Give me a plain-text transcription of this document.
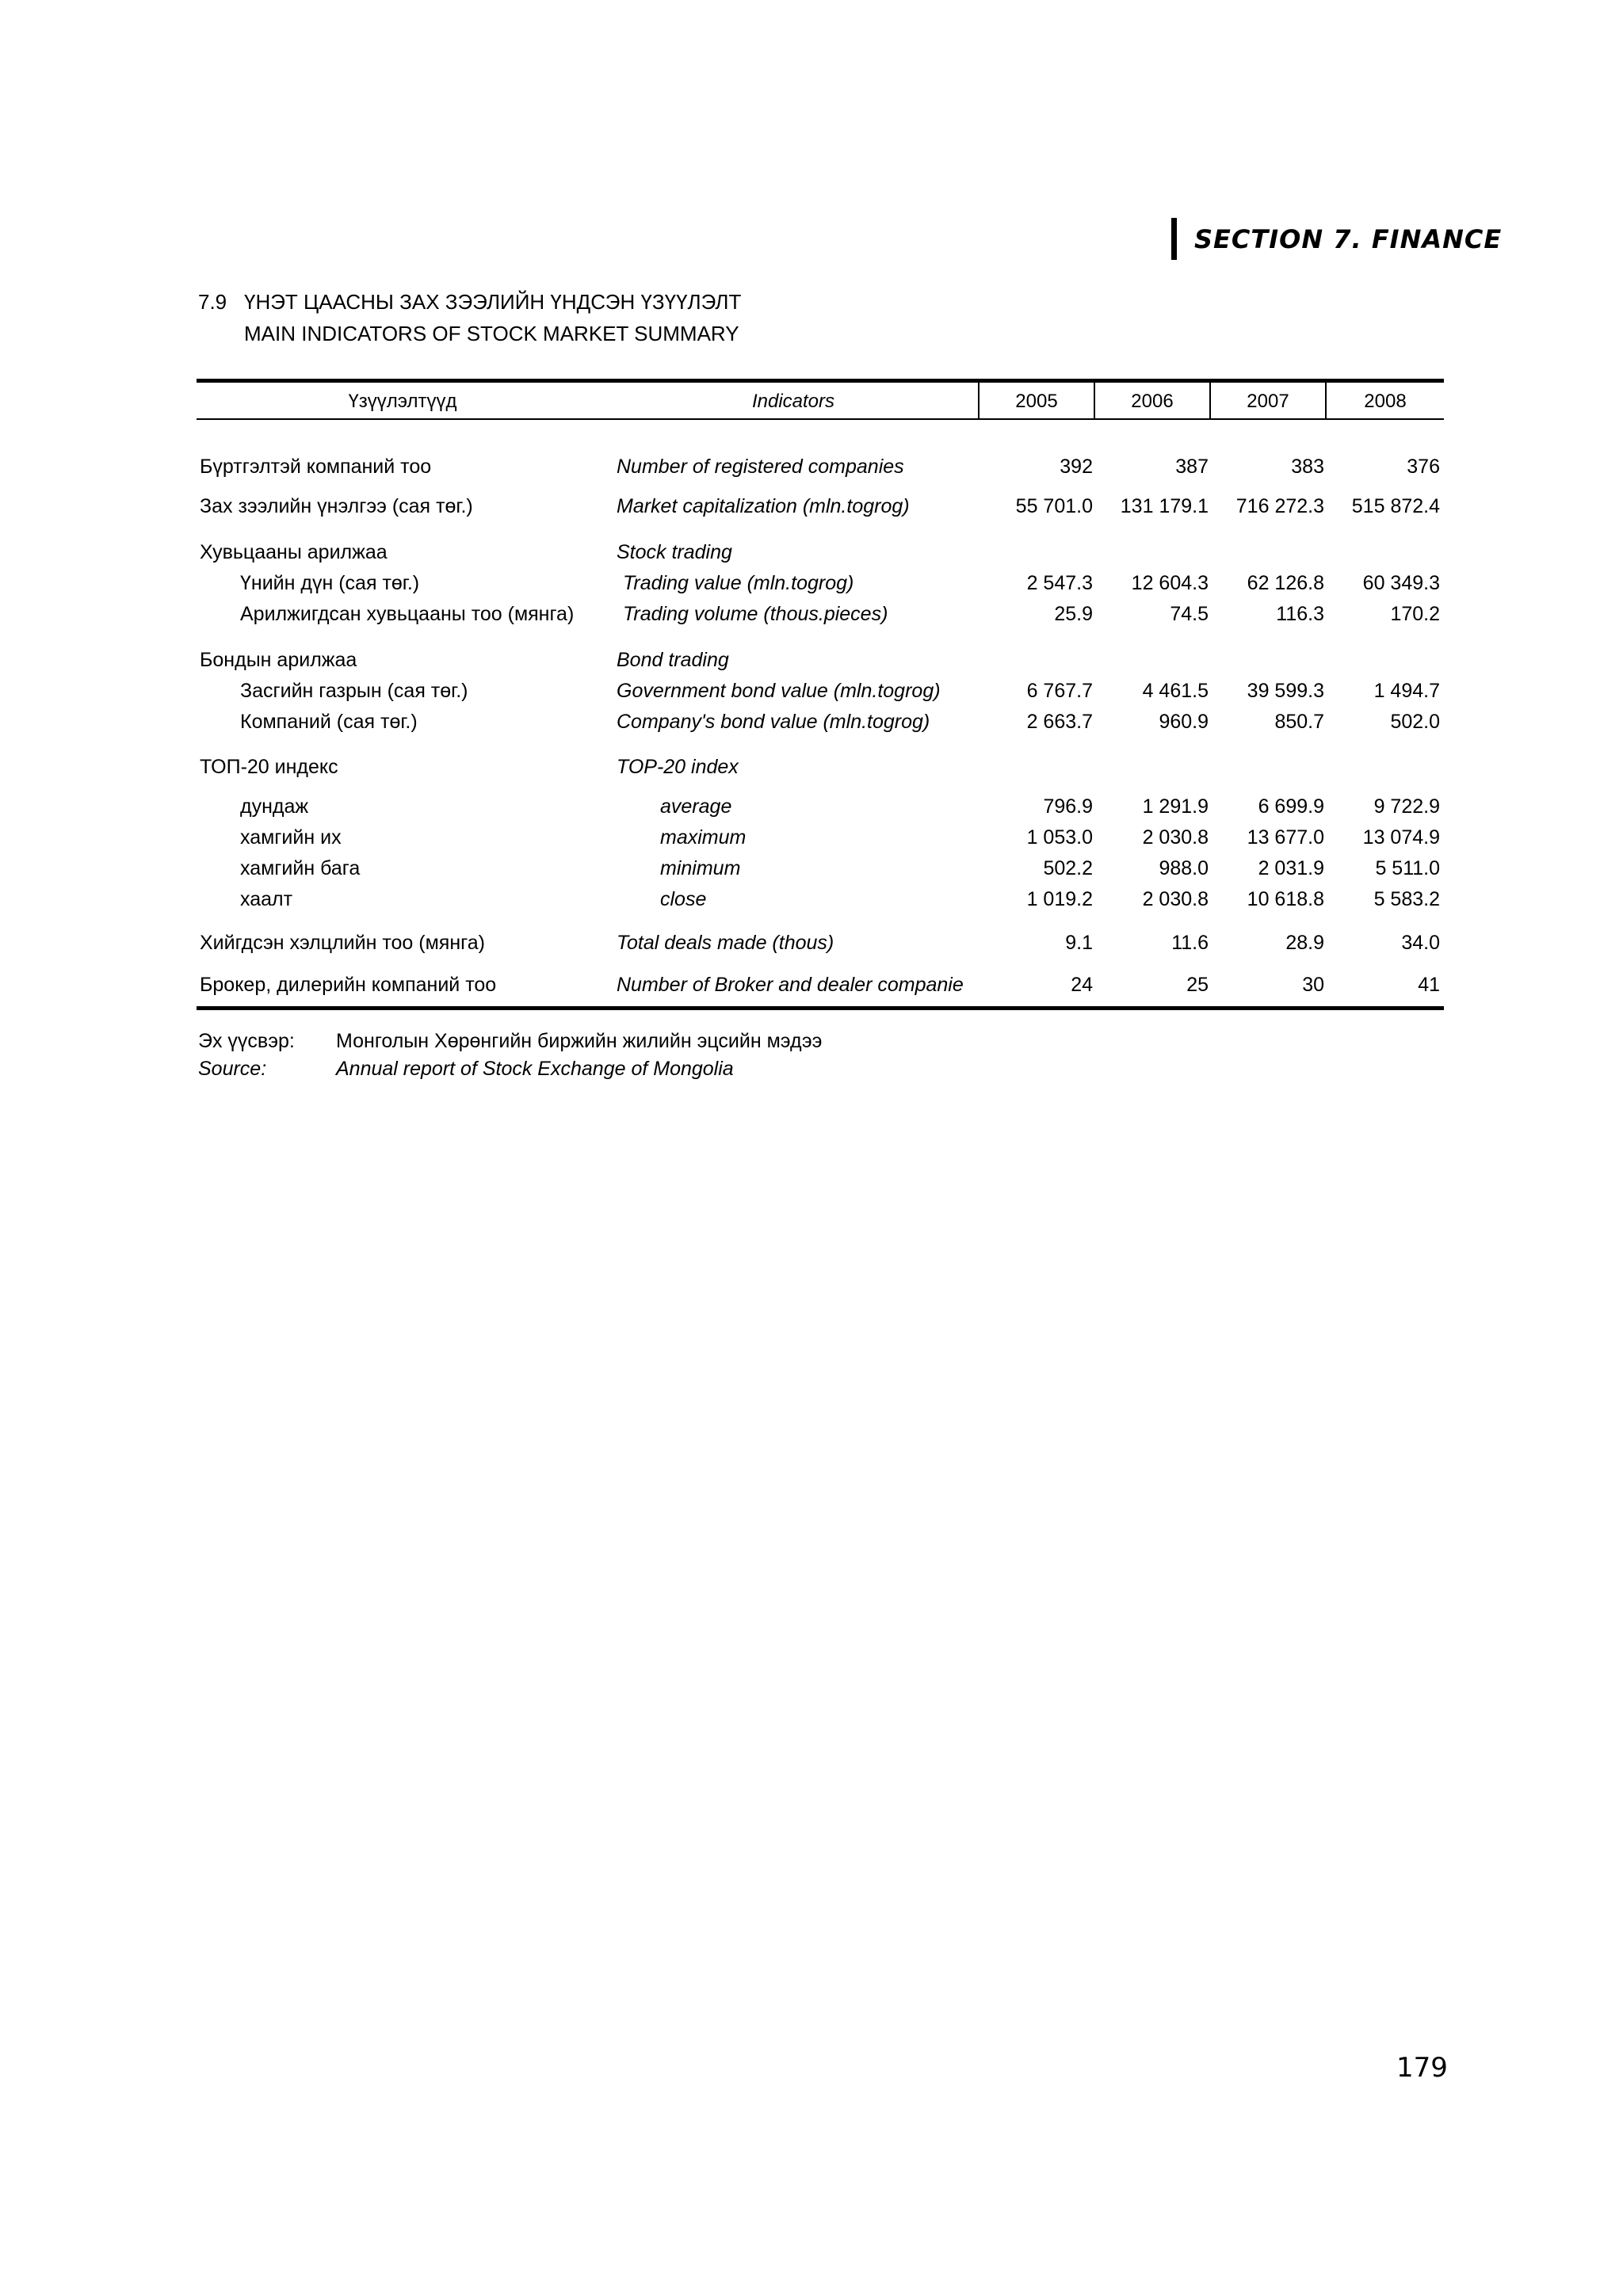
SECTION 7. FINANCE
7.9 ҮНЭТ ЦААСНЫ ЗАХ ЗЭЭЛИЙН ҮНДСЭН ҮЗҮҮЛЭЛТ
MAIN INDICATORS OF STOCK MARKET SUMMARY
Үзүүлэлтүүд	Indicators	2005	2006	2007	2008
Бүртгэлтэй компаний тоо	Number of registered companies	392	387	383	376
Зах зээлийн үнэлгээ (сая төг.)	Market capitalization (mln.togrog)	55 701.0	131 179.1	716 272.3	515 872.4
Хувьцааны арилжаа	Stock trading
Үнийн дүн (сая төг.)	Trading value (mln.togrog)	2 547.3	12 604.3	62 126.8	60 349.3
Арилжигдсан хувьцааны тоо (мянга) Trading volume (thous.pieces)	25.9	74.5	116.3	170.2
Бондын арилжаа	Bond trading
Засгийн газрын (сая төг.)	Government bond value (mln.togrog)	6 767.7	4 461.5	39 599.3	1 494.7
Компаний (сая төг.)	Company's bond value (mln.togrog)	2 663.7	960.9	850.7	502.0
ТОП-20 индекс	TOP-20 index
дундаж	average	796.9	1 291.9	6 699.9	9 722.9
хамгийн их	maximum	1 053.0	2 030.8	13 677.0	13 074.9
хамгийн бага	minimum	502.2	988.0	2 031.9	5 511.0
хаалт	close	1 019.2	2 030.8	10 618.8	5 583.2
Хийгдсэн хэлцлийн тоо (мянга)	Total deals made (thous)	9.1	11.6	28.9	34.0
Брокер, дилерийн компаний тоо	Number of Broker and dealer companie	24	25	30	41
Эх үүсвэр: Монголын Хөрөнгийн биржийн жилийн эцсийн мэдээ
Source:	Annual report of Stock Exchange of Mongolia
179
